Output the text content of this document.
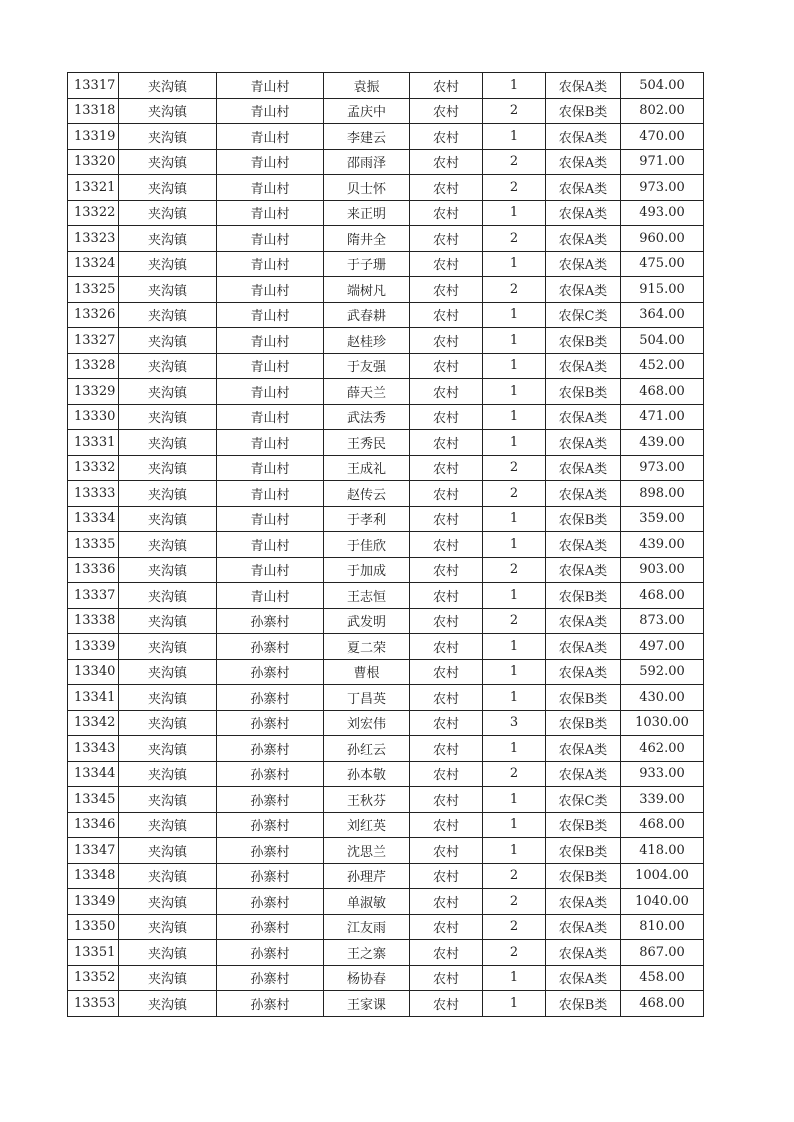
13317	夹沟镇	青山村	袁振	农村	1	农保A类	504.00
13318	夹沟镇	青山村	孟庆中	农村	2	农保B类	802.00
13319	夹沟镇	青山村	李建云	农村	1	农保A类	470.00
13320	夹沟镇	青山村	邵雨泽	农村	2	农保A类	971.00
13321	夹沟镇	青山村	贝士怀	农村	2	农保A类	973.00
13322	夹沟镇	青山村	来正明	农村	1	农保A类	493.00
13323	夹沟镇	青山村	隋井全	农村	2	农保A类	960.00
13324	夹沟镇	青山村	于子珊	农村	1	农保A类	475.00
13325	夹沟镇	青山村	端树凡	农村	2	农保A类	915.00
13326	夹沟镇	青山村	武春耕	农村	1	农保C类	364.00
13327	夹沟镇	青山村	赵桂珍	农村	1	农保B类	504.00
13328	夹沟镇	青山村	于友强	农村	1	农保A类	452.00
13329	夹沟镇	青山村	薛天兰	农村	1	农保B类	468.00
13330	夹沟镇	青山村	武法秀	农村	1	农保A类	471.00
13331	夹沟镇	青山村	王秀民	农村	1	农保A类	439.00
13332	夹沟镇	青山村	王成礼	农村	2	农保A类	973.00
13333	夹沟镇	青山村	赵传云	农村	2	农保A类	898.00
13334	夹沟镇	青山村	于孝利	农村	1	农保B类	359.00
13335	夹沟镇	青山村	于佳欣	农村	1	农保A类	439.00
13336	夹沟镇	青山村	于加成	农村	2	农保A类	903.00
13337	夹沟镇	青山村	王志恒	农村	1	农保B类	468.00
13338	夹沟镇	孙寨村	武发明	农村	2	农保A类	873.00
13339	夹沟镇	孙寨村	夏二荣	农村	1	农保A类	497.00
13340	夹沟镇	孙寨村	曹根	农村	1	农保A类	592.00
13341	夹沟镇	孙寨村	丁昌英	农村	1	农保B类	430.00
13342	夹沟镇	孙寨村	刘宏伟	农村	3	农保B类	1030.00
13343	夹沟镇	孙寨村	孙红云	农村	1	农保A类	462.00
13344	夹沟镇	孙寨村	孙本敬	农村	2	农保A类	933.00
13345	夹沟镇	孙寨村	王秋芬	农村	1	农保C类	339.00
13346	夹沟镇	孙寨村	刘红英	农村	1	农保B类	468.00
13347	夹沟镇	孙寨村	沈思兰	农村	1	农保B类	418.00
13348	夹沟镇	孙寨村	孙理芹	农村	2	农保B类	1004.00
13349	夹沟镇	孙寨村	单淑敏	农村	2	农保A类	1040.00
13350	夹沟镇	孙寨村	江友雨	农村	2	农保A类	810.00
13351	夹沟镇	孙寨村	王之寨	农村	2	农保A类	867.00
13352	夹沟镇	孙寨村	杨协春	农村	1	农保A类	458.00
13353	夹沟镇	孙寨村	王家课	农村	1	农保B类	468.00
